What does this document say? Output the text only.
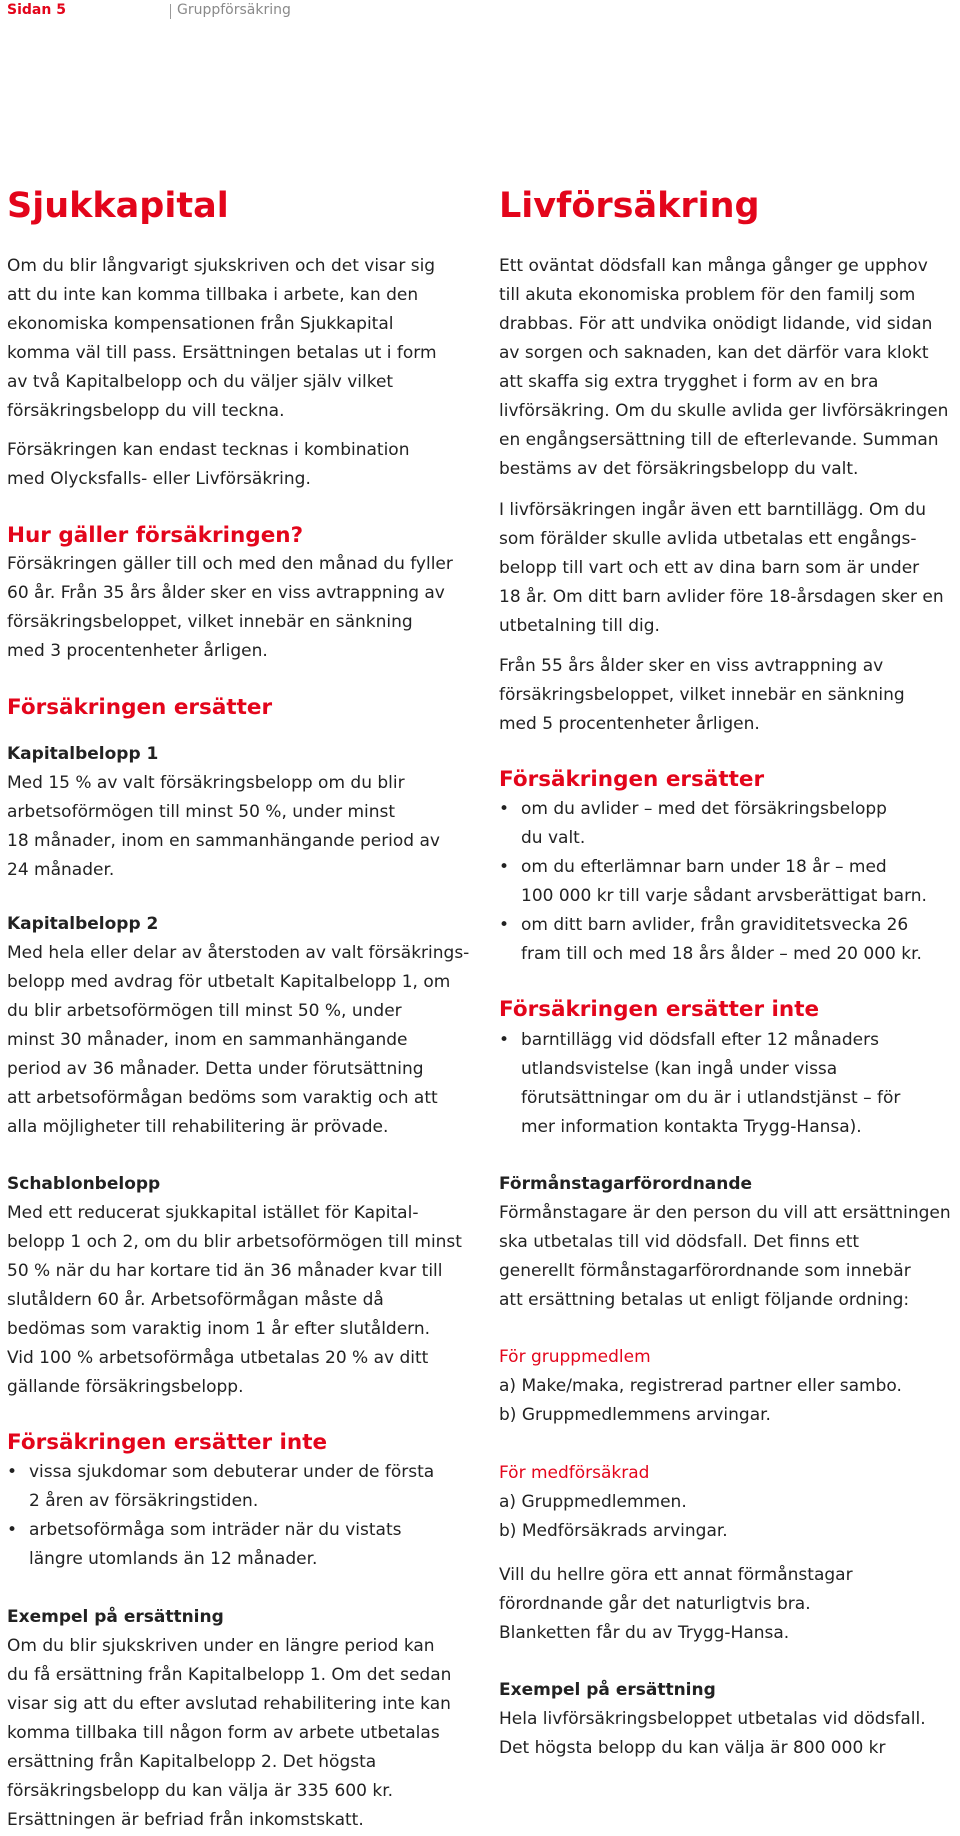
Sidan 5	Gruppförsäkring
Sjukkapital
Om du blir långvarigt sjukskriven och det visar sig
att du inte kan komma tillbaka i arbete, kan den
ekonomiska kompensationen från Sjukkapital
komma väl till pass. Ersättningen betalas ut i form
av två Kapitalbelopp och du väljer själv vilket
försäkringsbelopp du vill teckna.
Försäkringen kan endast tecknas i kombination
med Olycksfalls- eller Livförsäkring.
Hur gäller försäkringen?
Försäkringen gäller till och med den månad du fyller
60 år. Från 35 års ålder sker en viss avtrappning av
försäkringsbeloppet, vilket innebär en sänkning
med 3 procentenheter årligen.
Försäkringen ersätter

Kapitalbelopp 1

Med 15 % av valt försäkringsbelopp om du blir
arbetsoförmögen till minst 50 %, under minst
18 månader, inom en sammanhängande period av
24 månader.

Kapitalbelopp 2

Med hela eller delar av återstoden av valt försäkrings-
belopp med avdrag för utbetalt Kapitalbelopp 1, om
du blir arbetsoförmögen till minst 50 %, under
minst 30 månader, inom en sammanhängande
period av 36 månader. Detta under förutsättning
att arbetsoförmågan bedöms som varaktig och att
alla möjligheter till rehabilitering är prövade.

Schablonbelopp

Med ett reducerat sjukkapital istället för Kapital-
belopp 1 och 2, om du blir arbetsoförmögen till minst
50 % när du har kortare tid än 36 månader kvar till
slutåldern 60 år. Arbetsoförmågan måste då
bedömas som varaktig inom 1 år efter slutåldern.
Vid 100 % arbetsoförmåga utbetalas 20 % av ditt
gällande försäkringsbelopp.
Försäkringen ersätter inte
• vissa sjukdomar som debuterar under de första
2 åren av försäkringstiden.
• arbetsoförmåga som inträder när du vistats
längre utomlands än 12 månader.

Exempel på ersättning

Om du blir sjukskriven under en längre period kan
du få ersättning från Kapitalbelopp 1. Om det sedan
visar sig att du efter avslutad rehabilitering inte kan
komma tillbaka till någon form av arbete utbetalas
ersättning från Kapitalbelopp 2. Det högsta
försäkringsbelopp du kan välja är 335 600 kr.
Ersättningen är befriad från inkomstskatt.
Livförsäkring
Ett oväntat dödsfall kan många gånger ge upphov
till akuta ekonomiska problem för den familj som
drabbas. För att undvika onödigt lidande, vid sidan
av sorgen och saknaden, kan det därför vara klokt
att skaffa sig extra trygghet i form av en bra
livförsäkring. Om du skulle avlida ger livförsäkringen
en engångsersättning till de efterlevande. Summan
bestäms av det försäkringsbelopp du valt.
I livförsäkringen ingår även ett barntillägg. Om du
som förälder skulle avlida utbetalas ett engångs-
belopp till vart och ett av dina barn som är under
18 år. Om ditt barn avlider före 18-årsdagen sker en
utbetalning till dig.
Från 55 års ålder sker en viss avtrappning av
försäkringsbeloppet, vilket innebär en sänkning
med 5 procentenheter årligen.
Försäkringen ersätter
• om du avlider – med det försäkringsbelopp
du valt.
• om du efterlämnar barn under 18 år – med
100 000 kr till varje sådant arvsberättigat barn.
• om ditt barn avlider, från graviditetsvecka 26
fram till och med 18 års ålder – med 20 000 kr.
Försäkringen ersätter inte
• barntillägg vid dödsfall efter 12 månaders
utlandsvistelse (kan ingå under vissa
förutsättningar om du är i utlandstjänst – för
mer information kontakta Trygg-Hansa).

Förmånstagarförordnande

Förmånstagare är den person du vill att ersättningen
ska utbetalas till vid dödsfall. Det finns ett
generellt förmånstagarförordnande som innebär
att ersättning betalas ut enligt följande ordning:

För gruppmedlem

a) Make/maka, registrerad partner eller sambo.
b) Gruppmedlemmens arvingar.

För medförsäkrad

a) Gruppmedlemmen.
b) Medförsäkrads arvingar.
Vill du hellre göra ett annat förmånstagar
förordnande går det naturligtvis bra.
Blanketten får du av Trygg-Hansa.

Exempel på ersättning

Hela livförsäkringsbeloppet utbetalas vid dödsfall.
Det högsta belopp du kan välja är 800 000 kr
